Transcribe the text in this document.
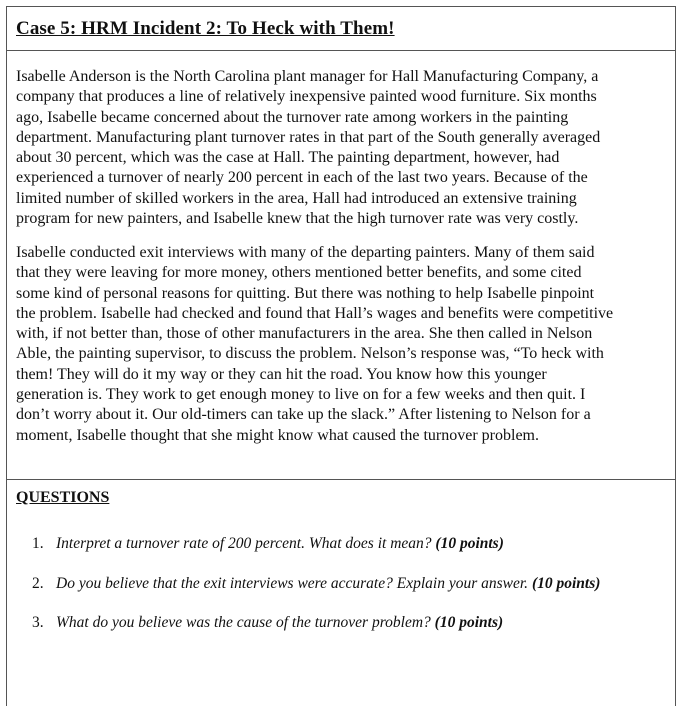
Case 5: HRM Incident 2: To Heck with Them!
Isabelle Anderson is the North Carolina plant manager for Hall Manufacturing Company, a
company that produces a line of relatively inexpensive painted wood furniture. Six months
ago, Isabelle became concerned about the turnover rate among workers in the painting
department. Manufacturing plant turnover rates in that part of the South generally averaged
about 30 percent, which was the case at Hall. The painting department, however, had
experienced a turnover of nearly 200 percent in each of the last two years. Because of the
limited number of skilled workers in the area, Hall had introduced an extensive training
program for new painters, and Isabelle knew that the high turnover rate was very costly.
Isabelle conducted exit interviews with many of the departing painters. Many of them said
that they were leaving for more money, others mentioned better benefits, and some cited
some kind of personal reasons for quitting. But there was nothing to help Isabelle pinpoint
the problem. Isabelle had checked and found that Hall’s wages and benefits were competitive
with, if not better than, those of other manufacturers in the area. She then called in Nelson
Able, the painting supervisor, to discuss the problem. Nelson’s response was, “To heck with
them! They will do it my way or they can hit the road. You know how this younger
generation is. They work to get enough money to live on for a few weeks and then quit. I
don’t worry about it. Our old-timers can take up the slack.” After listening to Nelson for a
moment, Isabelle thought that she might know what caused the turnover problem.
QUESTIONS
1. Interpret a turnover rate of 200 percent. What does it mean? (10 points)
2. Do you believe that the exit interviews were accurate? Explain your answer. (10 points)
3. What do you believe was the cause of the turnover problem? (10 points)
